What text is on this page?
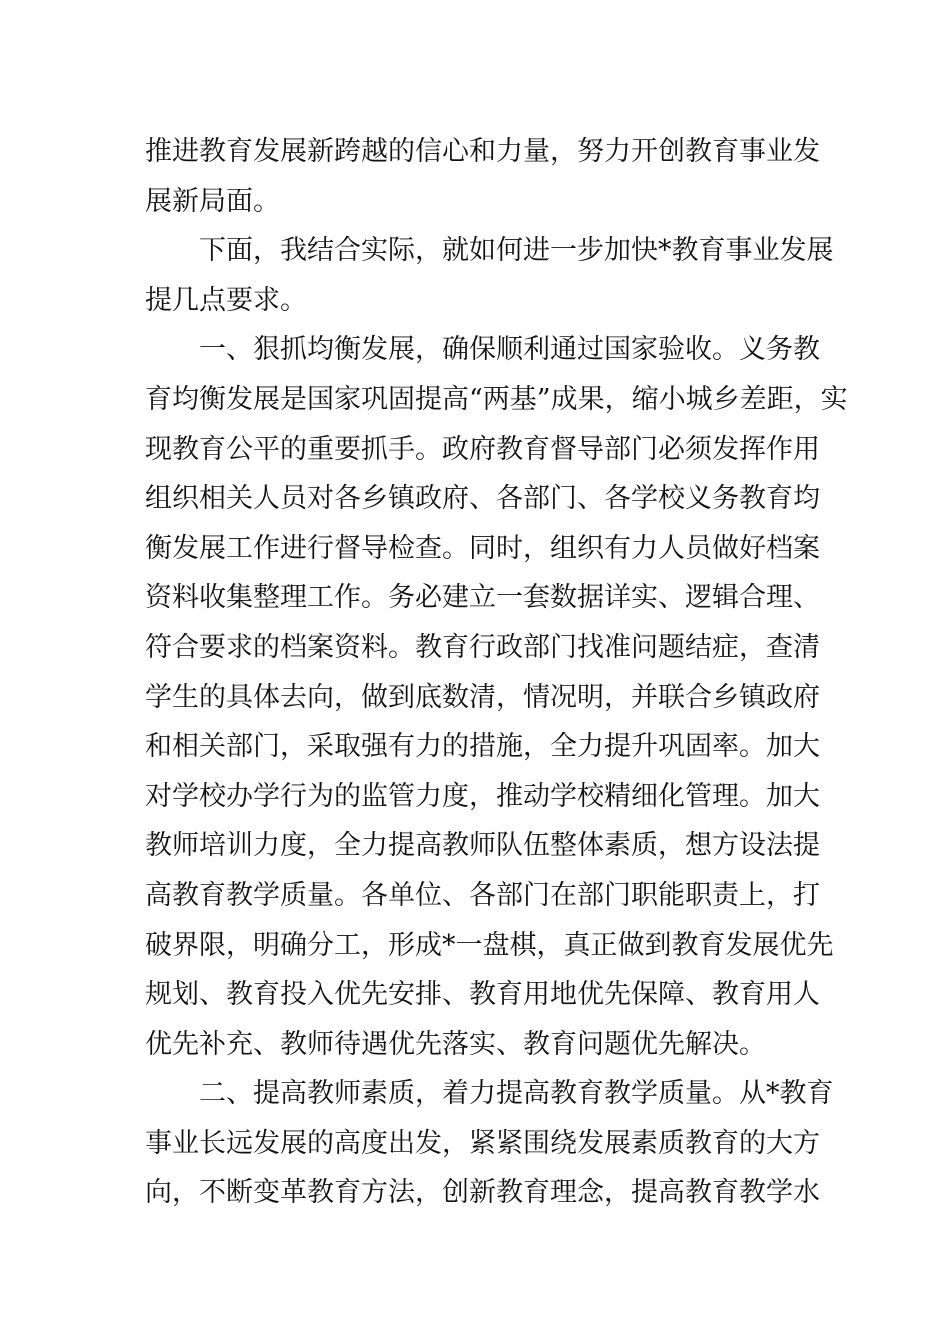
推进教育发展新跨越的信心和力量，努力开创教育事业发
展新局面。
下面，我结合实际，就如何进一步加快*教育事业发展
提几点要求。
一、狠抓均衡发展，确保顺利通过国家验收。义务教
育均衡发展是国家巩固提高“两基”成果，缩小城乡差距，实
现教育公平的重要抓手。政府教育督导部门必须发挥作用
组织相关人员对各乡镇政府、各部门、各学校义务教育均
衡发展工作进行督导检查。同时，组织有力人员做好档案
资料收集整理工作。务必建立一套数据详实、逻辑合理、
符合要求的档案资料。教育行政部门找准问题结症，查清
学生的具体去向，做到底数清，情况明，并联合乡镇政府
和相关部门，采取强有力的措施，全力提升巩固率。加大
对学校办学行为的监管力度，推动学校精细化管理。加大
教师培训力度，全力提高教师队伍整体素质，想方设法提
高教育教学质量。各单位、各部门在部门职能职责上，打
破界限，明确分工，形成*一盘棋，真正做到教育发展优先
规划、教育投入优先安排、教育用地优先保障、教育用人
优先补充、教师待遇优先落实、教育问题优先解决。
二、提高教师素质，着力提高教育教学质量。从*教育
事业长远发展的高度出发，紧紧围绕发展素质教育的大方
向，不断变革教育方法，创新教育理念，提高教育教学水
